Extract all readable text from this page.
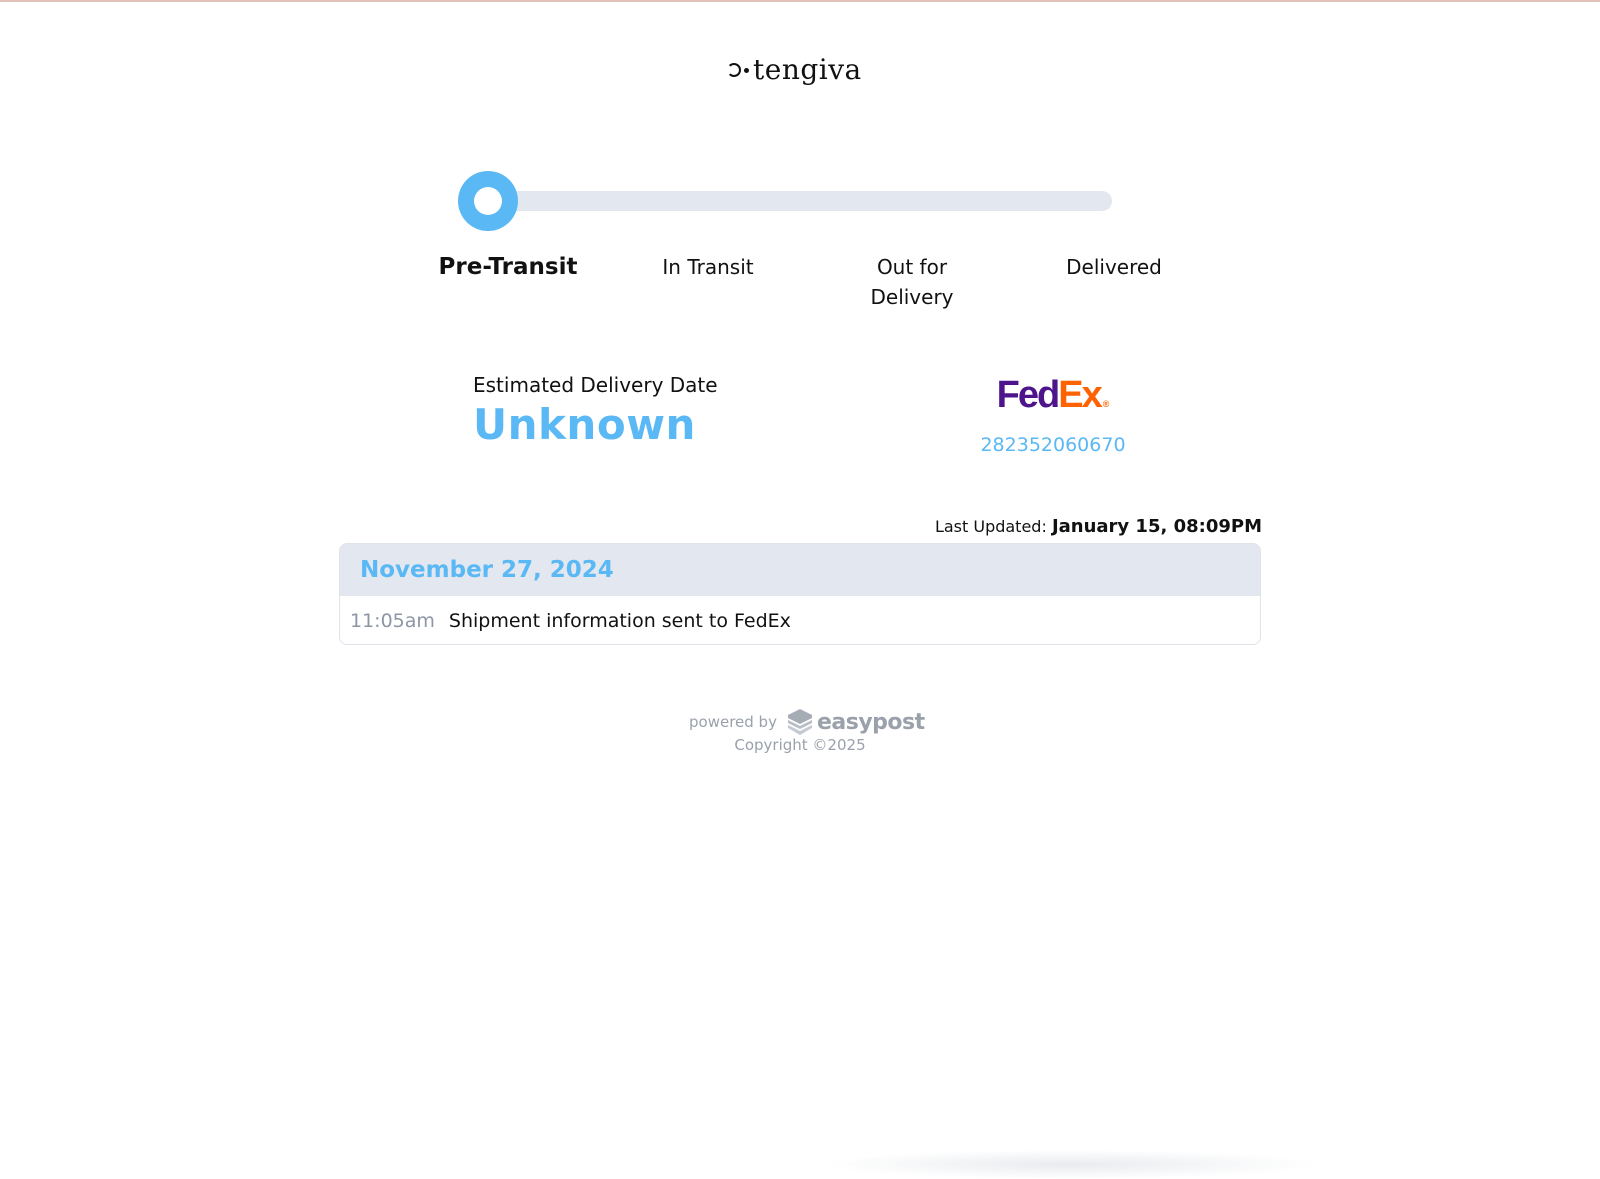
tengiva
Pre-Transit	In Transit	Out for Delivery
Delivered
Estimated Delivery Date
Unknown
FedEx ®
282352060670
Last Updated: January 15, 08:09PM
November 27, 2024
11:05am Shipment information sent to FedEx
powered by easypost
Copyright ©2025
